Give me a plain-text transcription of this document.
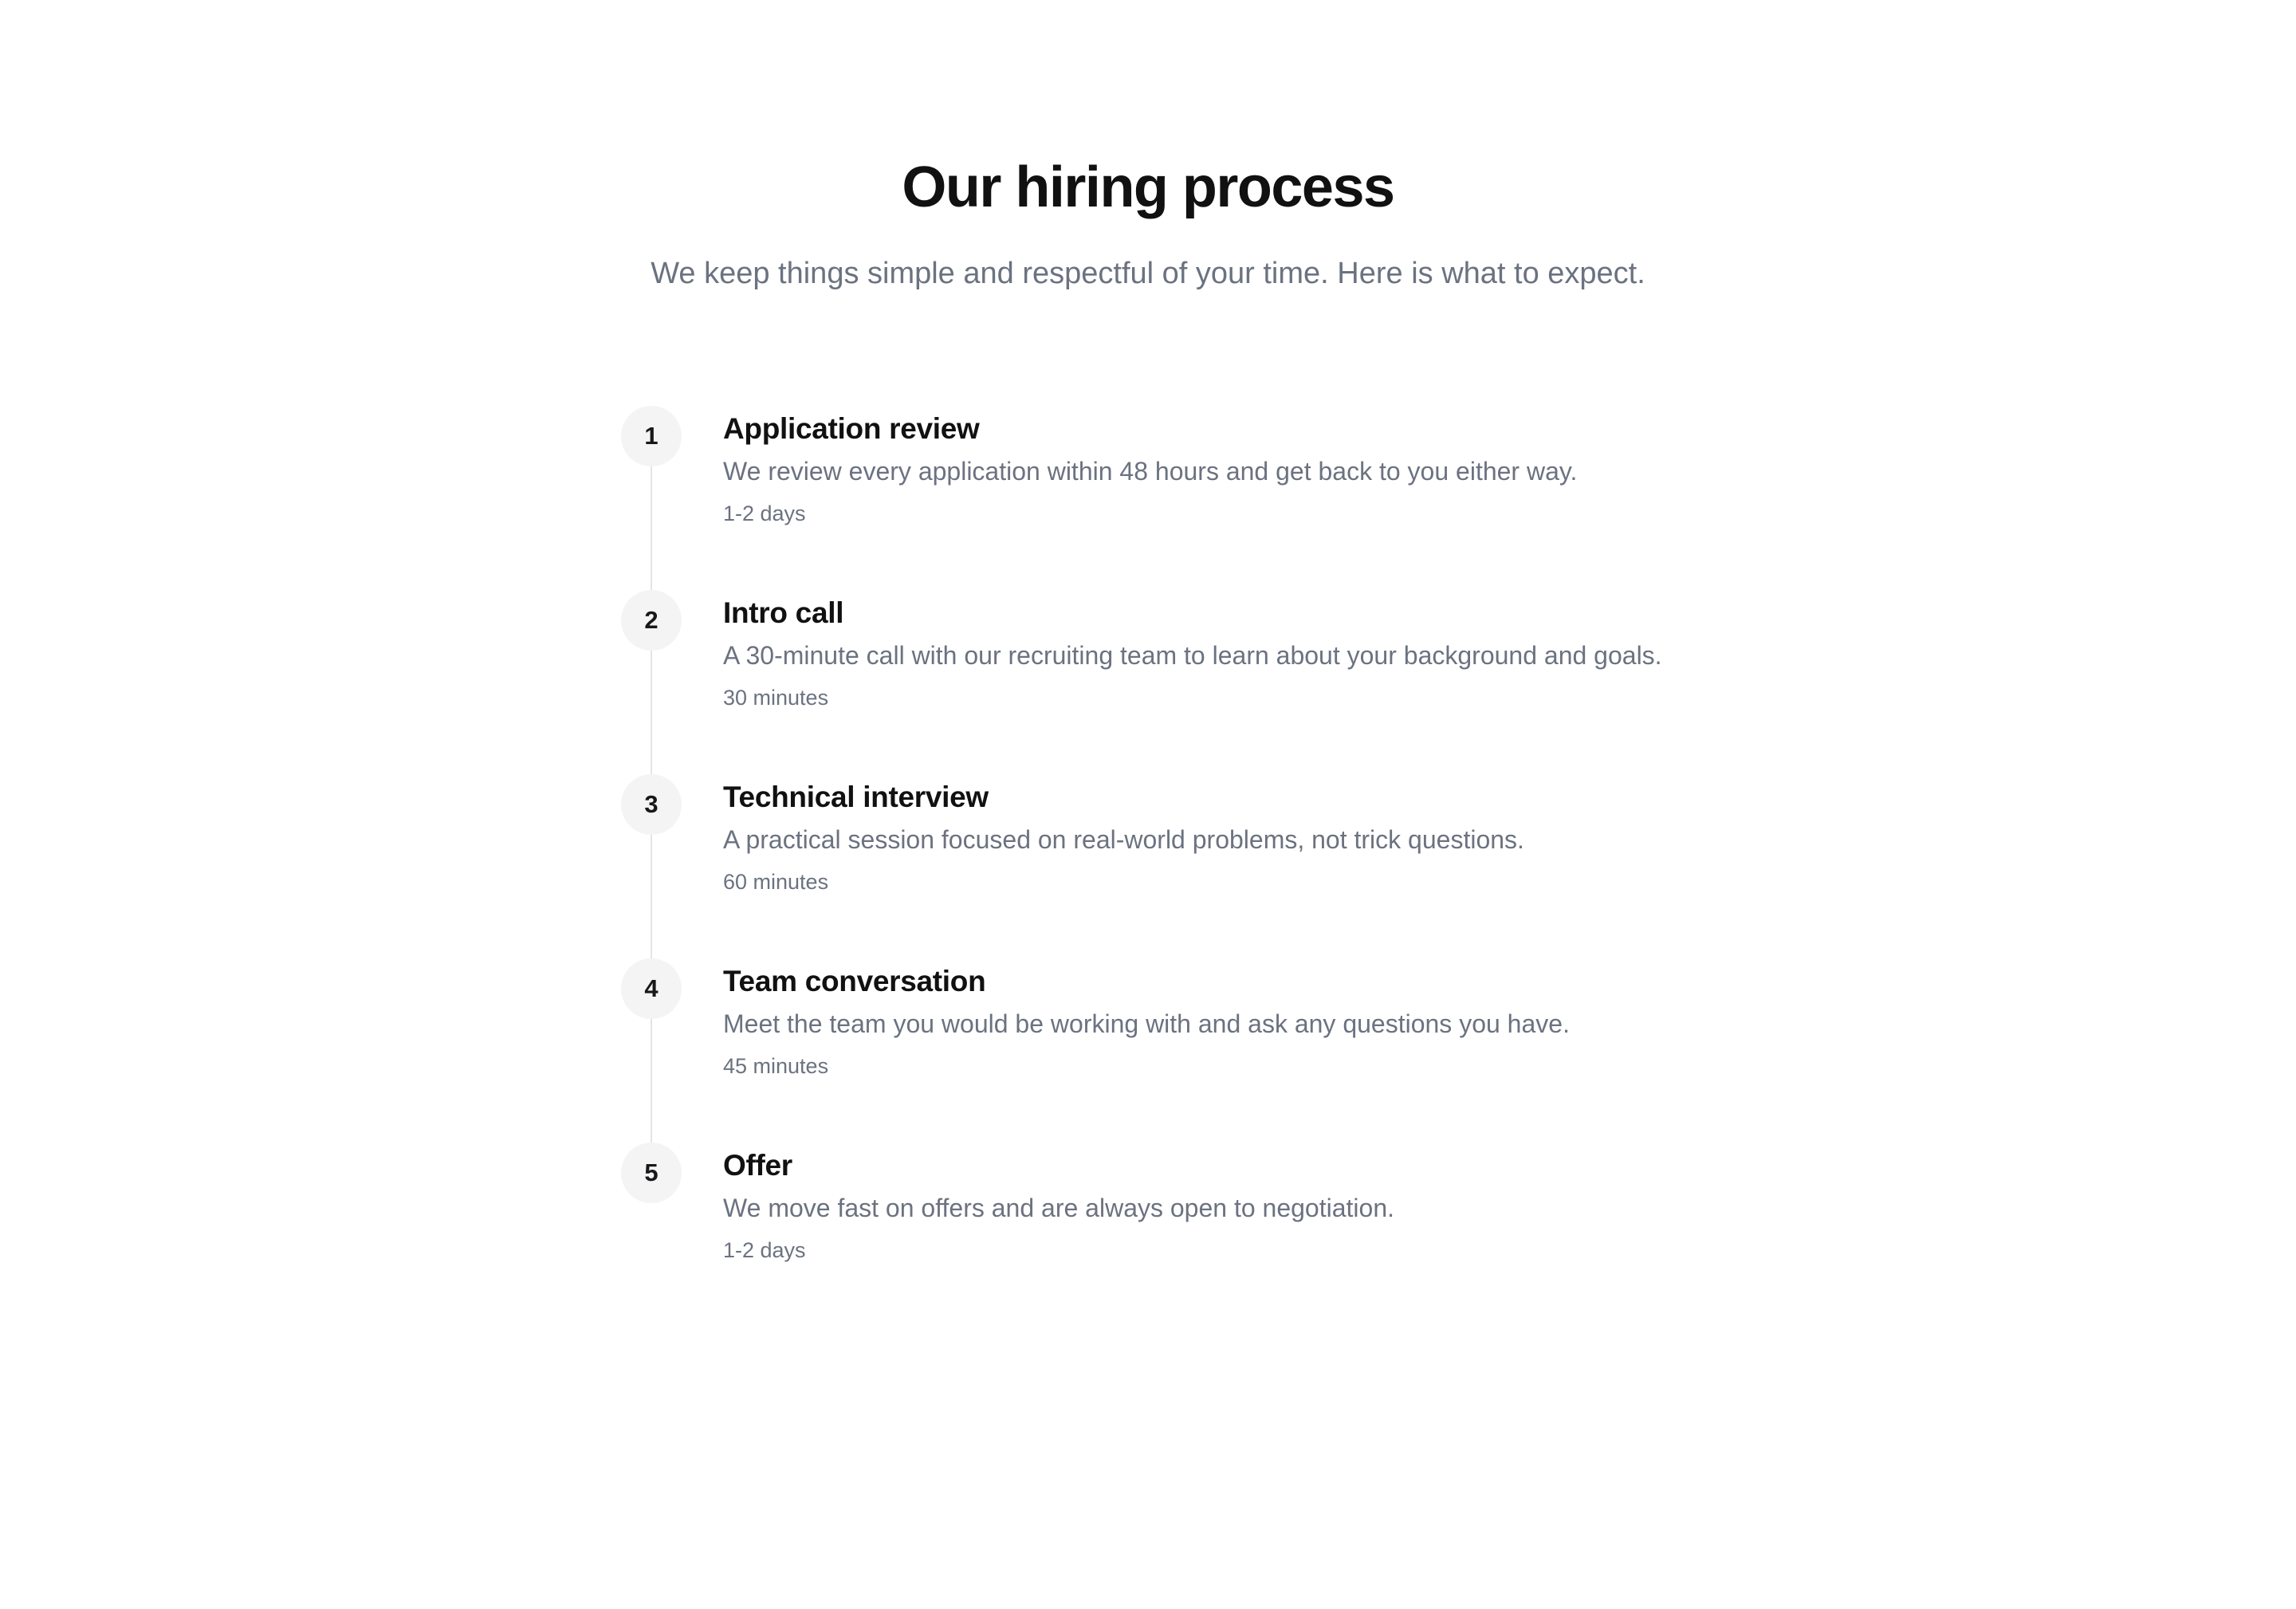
Our hiring process

We keep things simple and respectful of your time. Here is what to expect.

1	Application review

We review every application within 48 hours and get back to you either way.

1-2 days

2	Intro call

A 30-minute call with our recruiting team to learn about your background and goals.

30 minutes

3	Technical interview

A practical session focused on real-world problems, not trick questions.

60 minutes

4	Team conversation

Meet the team you would be working with and ask any questions you have.

45 minutes

5	Offer

We move fast on offers and are always open to negotiation.

1-2 days
